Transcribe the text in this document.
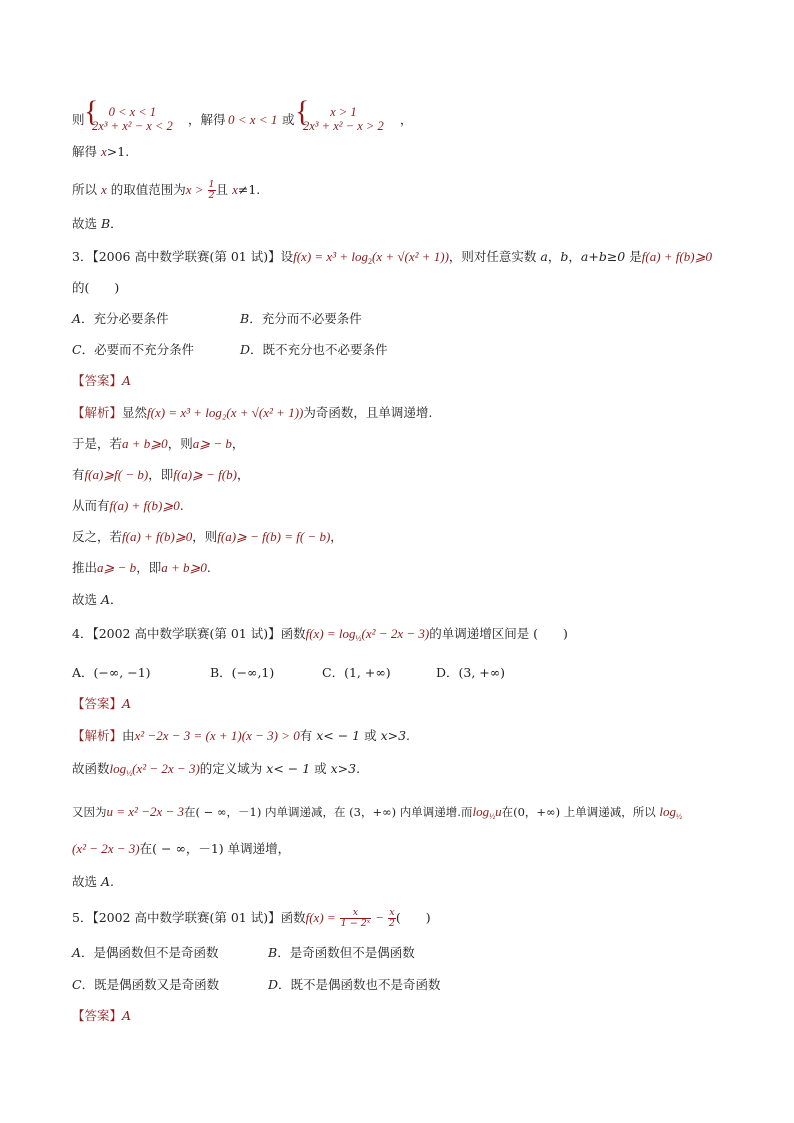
则 { 0 < x < 1
2x³ + x² − x < 2 ，解得 0 < x < 1 或 {	x > 1
2x³ + x² − x > 2 ，
解得 x>1.
所以 x 的取值范围为$x > \frac{1}{2}$ 且 x≠1.
故选 B．
3．【2006 高中数学联赛(第 01 试)】设$f(x) = x^3 + \log_2(x + √(x^2 + 1))$，则对任意实数 a，b，a+b≥0 是f(a) + f(b)⩾0
的(　　)
A．充分必要条件	B．充分而不必要条件
C．必要而不充分条件	D．既不充分也不必要条件
【答案】A
【解析】显然f(x) = x³ + log₂(x + √(x² + 1))为奇函数，且单调递增.
于是，若a + b⩾0，则a⩾ − b，
有f(a)⩾f( − b)，即f(a)⩾ − f(b)，
从而有f(a) + f(b)⩾0.
反之，若f(a) + f(b)⩾0，则f(a)⩾ − f(b) = f( − b)，
推出a⩾ − b，即a + b⩾0.
故选 A．
4．【2002 高中数学联赛(第 01 试)】函数$f(x) = \log_{\frac{1}{2}}(x^2 - 2x - 3)$的单调递增区间是 (　　)
A．(−∞, −1)	B．(−∞,1)	C．(1, +∞)	D．(3, +∞)
【答案】A
【解析】由x² −2x − 3 = (x + 1)(x − 3) > 0有 x< − 1 或 x>3.
故函数$\log_{\frac{1}{2}}(x^2 - 2x - 3)$的定义域为 x< − 1 或 x>3.
又因为u = x² −2x − 3在( − ∞，－1) 内单调递减，在 (3，+∞) 内单调递增.而$\log_{\frac{1}{2}}u$在(0，+∞) 上单调递减，所以 $\log_{\frac{1}{2}}$
(x² − 2x − 3)在( − ∞，－1) 单调递增，
故选 A.
5．【2002 高中数学联赛(第 01 试)】函数$f(x) = \frac{x}{\text{1 − 2ˣ}} - \frac{x}{2}$ (　　)
A．是偶函数但不是奇函数	B．是奇函数但不是偶函数
C．既是偶函数又是奇函数	D．既不是偶函数也不是奇函数
【答案】A
